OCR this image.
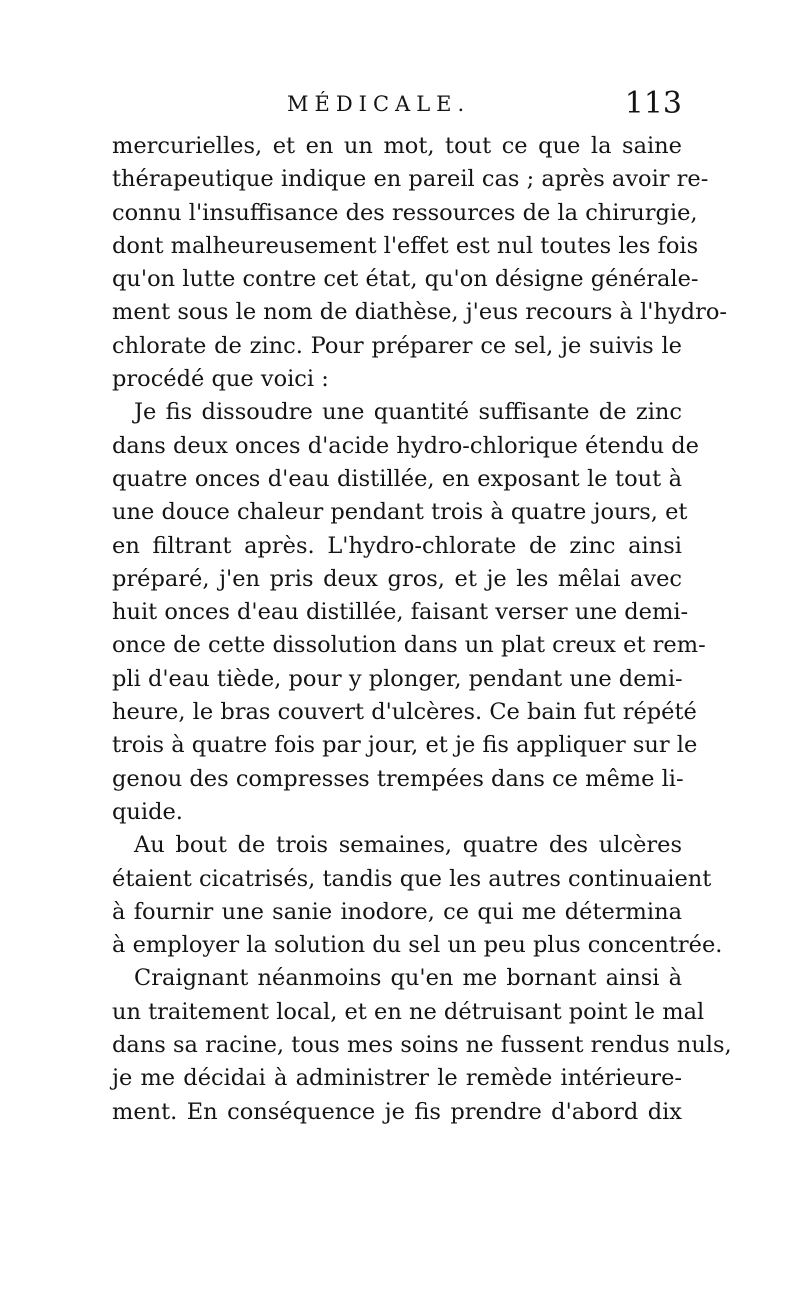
MÉDICALE.	113
mercurielles, et en un mot, tout ce que la saine
thérapeutique indique en pareil cas ; après avoir re-
connu l'insuffisance des ressources de la chirurgie,
dont malheureusement l'effet est nul toutes les fois
qu'on lutte contre cet état, qu'on désigne générale-
ment sous le nom de diathèse, j'eus recours à l'hydro-
chlorate de zinc. Pour préparer ce sel, je suivis le
procédé que voici :
Je fis dissoudre une quantité suffisante de zinc
dans deux onces d'acide hydro-chlorique étendu de
quatre onces d'eau distillée, en exposant le tout à
une douce chaleur pendant trois à quatre jours, et
en filtrant après. L'hydro-chlorate de zinc ainsi
préparé, j'en pris deux gros, et je les mêlai avec
huit onces d'eau distillée, faisant verser une demi-
once de cette dissolution dans un plat creux et rem-
pli d'eau tiède, pour y plonger, pendant une demi-
heure, le bras couvert d'ulcères. Ce bain fut répété
trois à quatre fois par jour, et je fis appliquer sur le
genou des compresses trempées dans ce même li-
quide.
Au bout de trois semaines, quatre des ulcères
étaient cicatrisés, tandis que les autres continuaient
à fournir une sanie inodore, ce qui me détermina
à employer la solution du sel un peu plus concentrée.
Craignant néanmoins qu'en me bornant ainsi à
un traitement local, et en ne détruisant point le mal
dans sa racine, tous mes soins ne fussent rendus nuls,
je me décidai à administrer le remède intérieure-
ment. En conséquence je fis prendre d'abord dix
